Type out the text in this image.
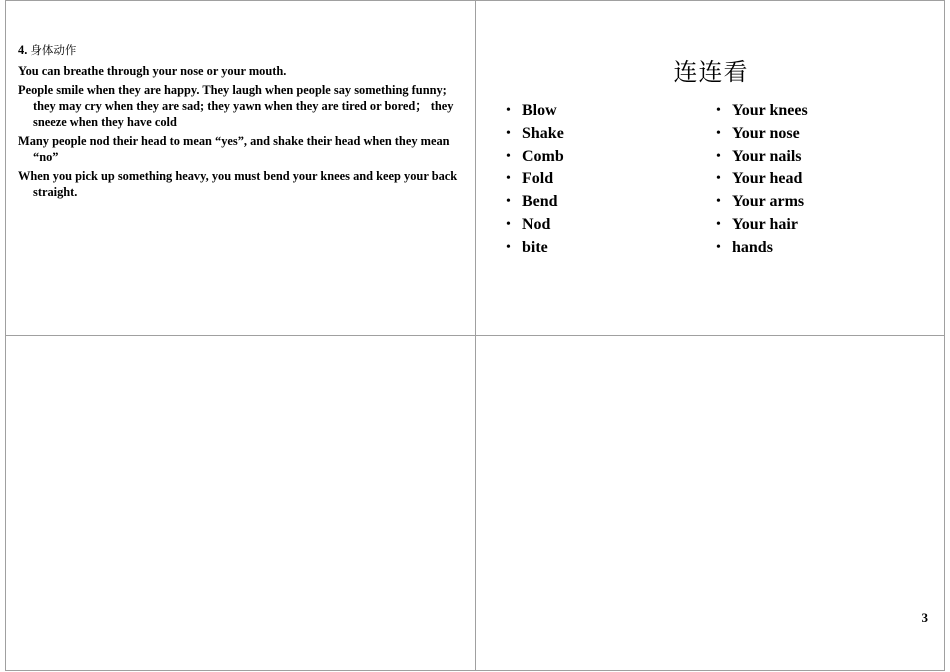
4. 身体动作
You can breathe through your nose or your mouth.
People smile when they are happy. They laugh when people say something funny; they may cry when they are sad; they yawn when they are tired or bored； they sneeze when they have cold
Many people nod their head to mean “yes”, and shake their head when they mean “no”
When you pick up something heavy, you must bend your knees and keep your back straight.
连连看
• Blow
• Shake
• Comb
• Fold
• Bend
• Nod
• bite
• Your knees
• Your nose
• Your nails
• Your head
• Your arms
• Your hair
• hands
3
